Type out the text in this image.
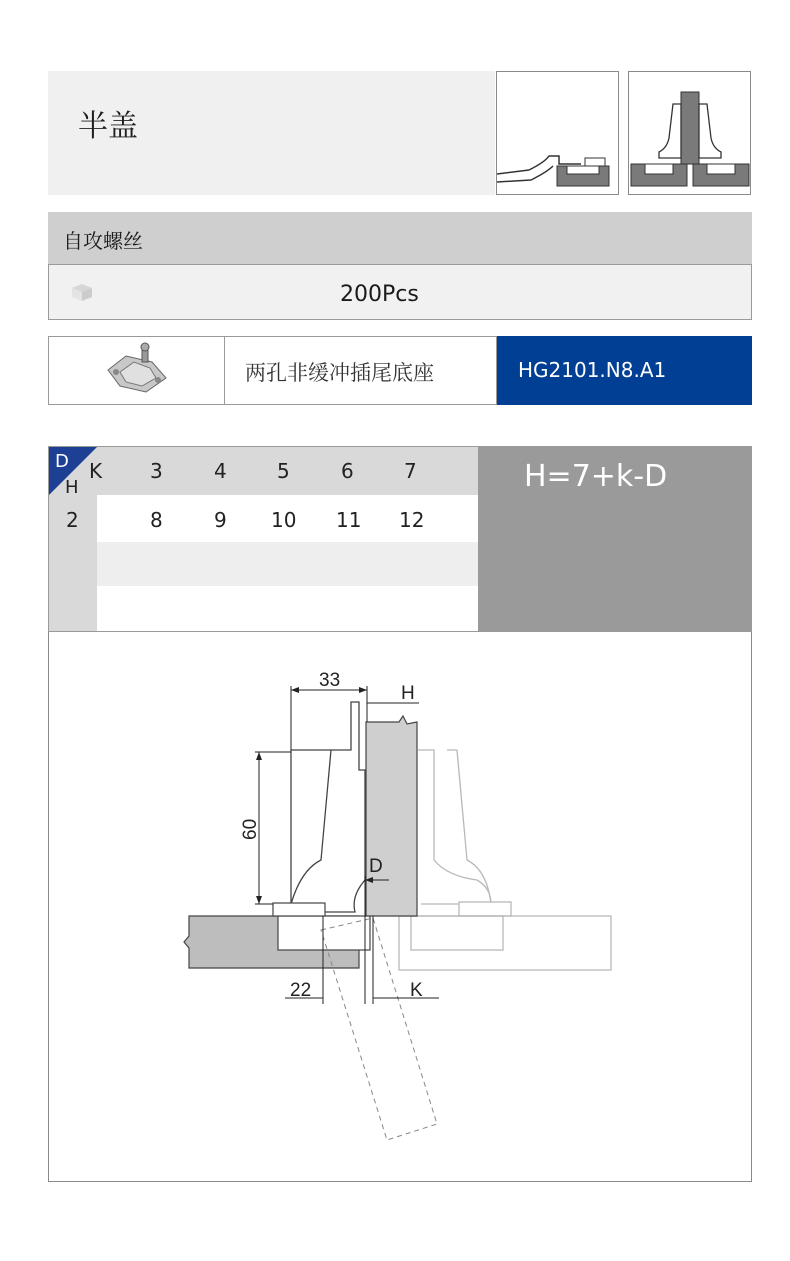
半盖
自攻螺丝
200Pcs
两孔非缓冲插尾底座	HG2101.N8.A1
D
H
K 3	4	5	6	7
2	8	9 10 11 12
H=7+k-D
33
H
60
D
22	K
